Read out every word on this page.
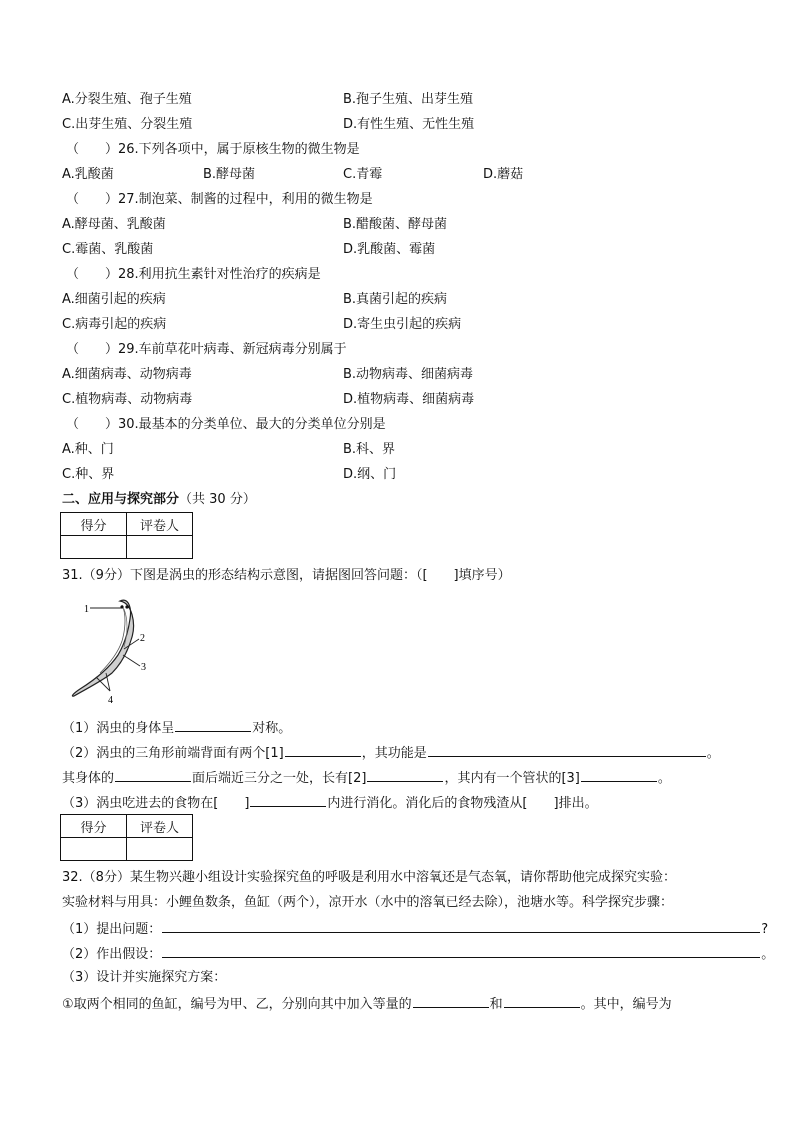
A.分裂生殖、孢子生殖	B.孢子生殖、出芽生殖
C.出芽生殖、分裂生殖	D.有性生殖、无性生殖
（　　）26.下列各项中，属于原核生物的微生物是
A.乳酸菌	B.酵母菌	C.青霉	D.蘑菇
（　　）27.制泡菜、制酱的过程中，利用的微生物是
A.酵母菌、乳酸菌	B.醋酸菌、酵母菌
C.霉菌、乳酸菌	D.乳酸菌、霉菌
（　　）28.利用抗生素针对性治疗的疾病是
A.细菌引起的疾病	B.真菌引起的疾病
C.病毒引起的疾病	D.寄生虫引起的疾病
（　　）29.车前草花叶病毒、新冠病毒分别属于
A.细菌病毒、动物病毒	B.动物病毒、细菌病毒
C.植物病毒、动物病毒	D.植物病毒、细菌病毒
（　　）30.最基本的分类单位、最大的分类单位分别是
A.种、门	B.科、界
C.种、界	D.纲、门
二、应用与探究部分（共 30 分）
得分	评卷人

31.（9分）下图是涡虫的形态结构示意图，请据图回答问题：（[　　]填序号）
1
2
3
4
（1）涡虫的身体呈	对称。
（2）涡虫的三角形前端背面有两个[1]	，其功能是	。
其身体的	面后端近三分之一处，长有[2]	，其内有一个管状的[3]	。
（3）涡虫吃进去的食物在[　　]	内进行消化。消化后的食物残渣从[　　]排出。
得分	评卷人

32.（8分）某生物兴趣小组设计实验探究鱼的呼吸是利用水中溶氧还是气态氧，请你帮助他完成探究实验：
实验材料与用具：小鲤鱼数条，鱼缸（两个），凉开水（水中的溶氧已经去除），池塘水等。科学探究步骤：
（1）提出问题：	?
（2）作出假设：	。
（3）设计并实施探究方案：
①取两个相同的鱼缸，编号为甲、乙，分别向其中加入等量的	和	。其中，编号为
